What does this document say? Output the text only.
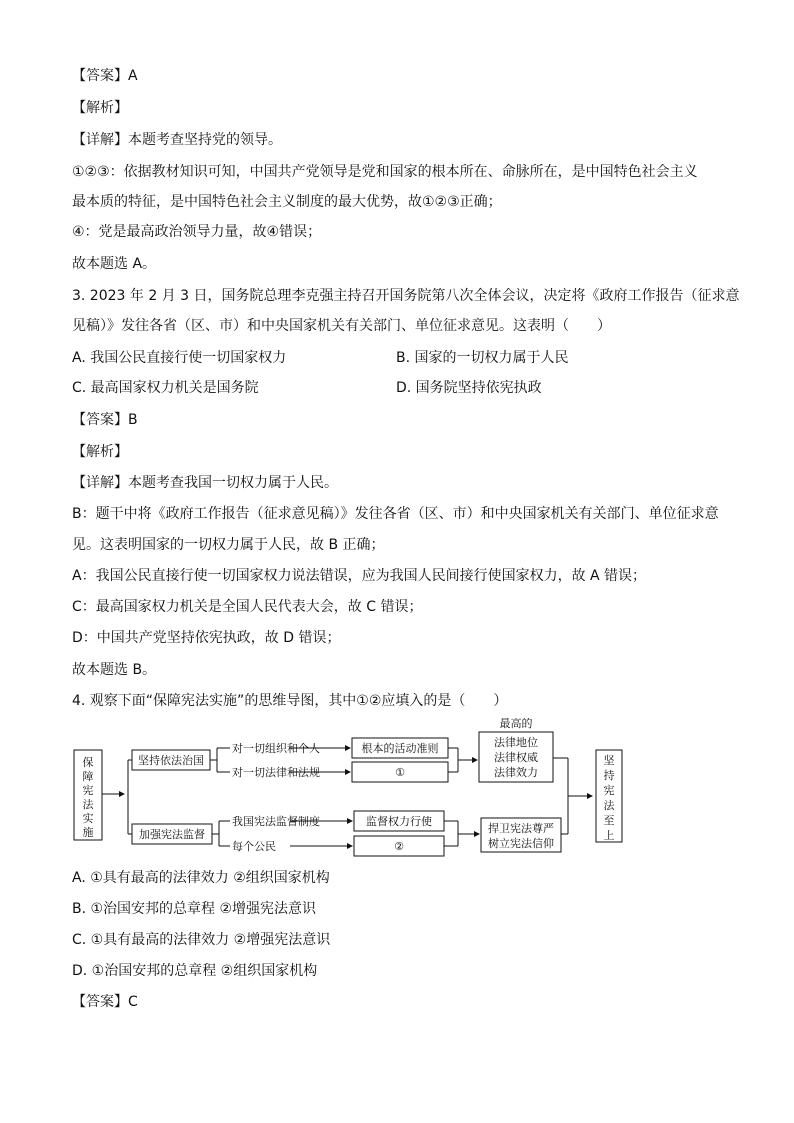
【答案】A
【解析】
【详解】本题考查坚持党的领导。
①②③：依据教材知识可知，中国共产党领导是党和国家的根本所在、命脉所在，是中国特色社会主义
最本质的特征，是中国特色社会主义制度的最大优势，故①②③正确；
④：党是最高政治领导力量，故④错误；
故本题选 A。
3. 2023 年 2 月 3 日，国务院总理李克强主持召开国务院第八次全体会议，决定将《政府工作报告（征求意
见稿）》发往各省（区、市）和中央国家机关有关部门、单位征求意见。这表明（　　）
A. 我国公民直接行使一切国家权力	B. 国家的一切权力属于人民
C. 最高国家权力机关是国务院	D. 国务院坚持依宪执政
【答案】B
【解析】
【详解】本题考查我国一切权力属于人民。
B：题干中将《政府工作报告（征求意见稿）》发往各省（区、市）和中央国家机关有关部门、单位征求意
见。这表明国家的一切权力属于人民，故 B 正确；
A：我国公民直接行使一切国家权力说法错误，应为我国人民间接行使国家权力，故 A 错误；
C：最高国家权力机关是全国人民代表大会，故 C 错误；
D：中国共产党坚持依宪执政，故 D 错误；
故本题选 B。
4. 观察下面“保障宪法实施”的思维导图，其中①②应填入的是（　　）
保
障
宪
法
实
施
坚持依法治国
加强宪法监督
对一切组织和个人
对一切法律和法规
我国宪法监督制度
每个公民
根本的活动准则
①
监督权力行使
②
最高的
法律地位
法律权威
法律效力
捍卫宪法尊严
树立宪法信仰
坚
持
宪
法
至
上
A. ①具有最高的法律效力 ②组织国家机构
B. ①治国安邦的总章程 ②增强宪法意识
C. ①具有最高的法律效力 ②增强宪法意识
D. ①治国安邦的总章程 ②组织国家机构
【答案】C
